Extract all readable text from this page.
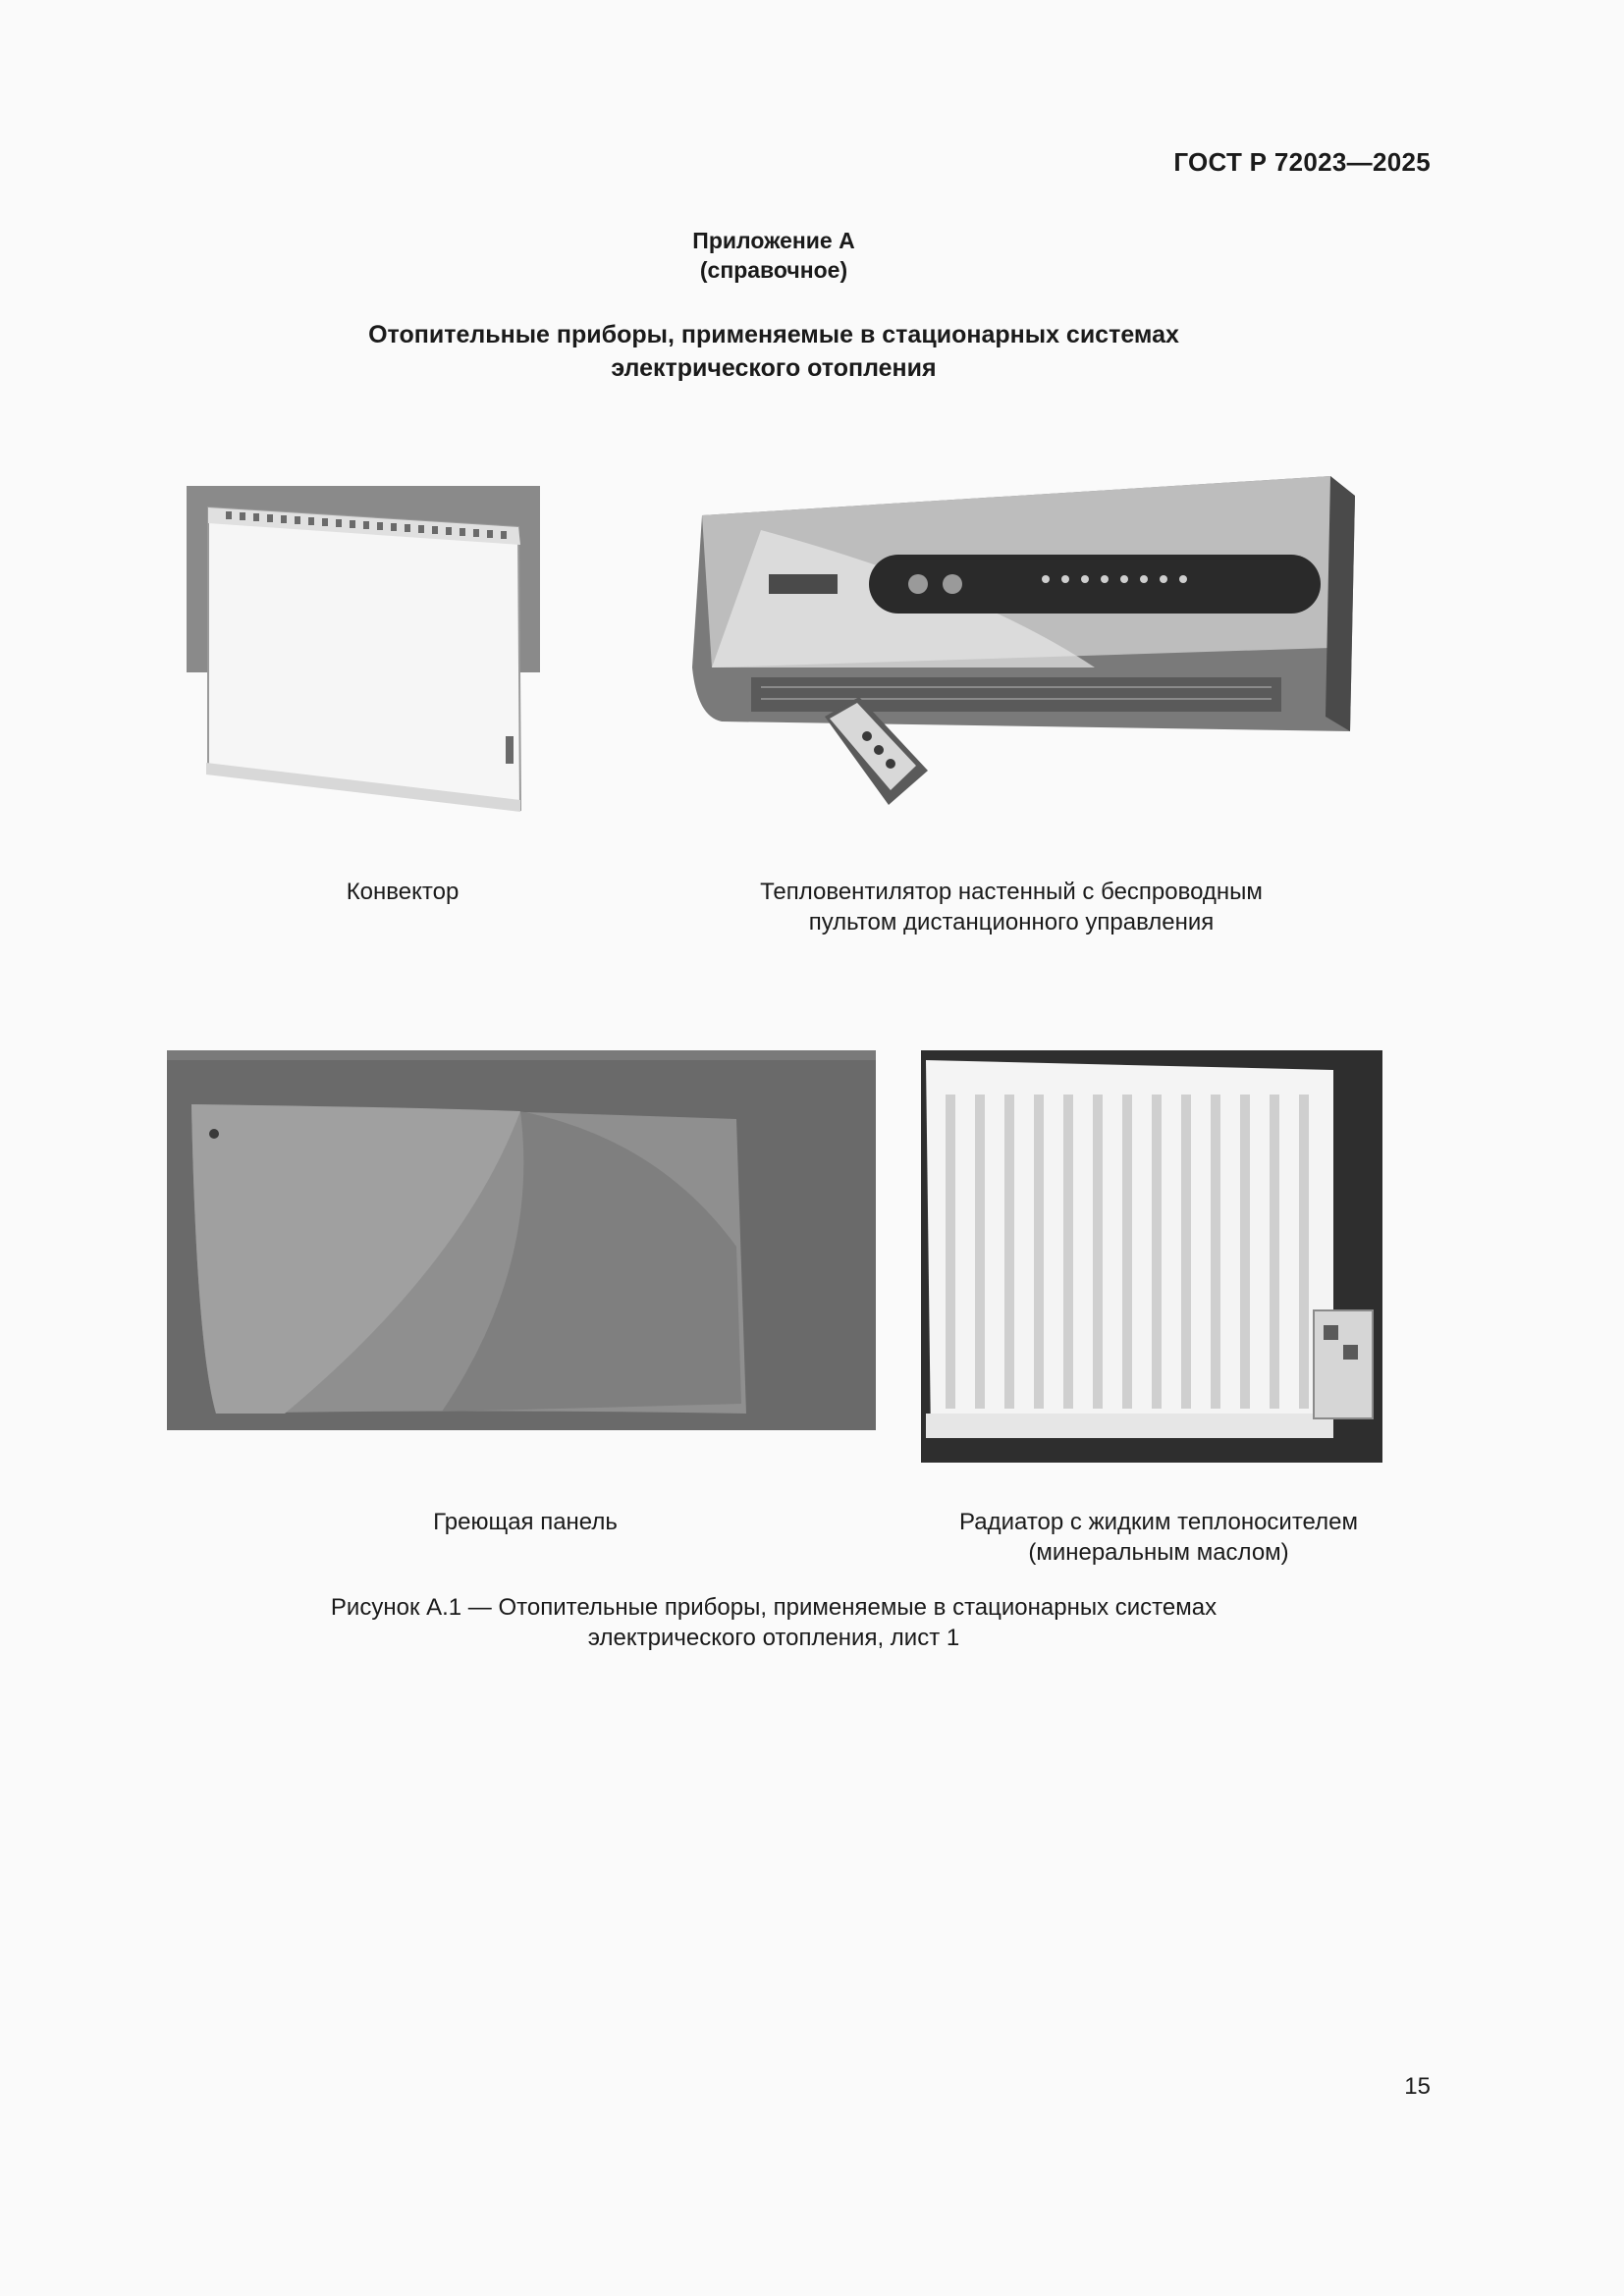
ГОСТ Р 72023—2025
Приложение А
(справочное)
Отопительные приборы, применяемые в стационарных системах
электрического отопления
Конвектор	Тепловентилятор настенный с беспроводным
пультом дистанционного управления
Греющая панель	Радиатор с жидким теплоносителем
(минеральным маслом)
Рисунок А.1 — Отопительные приборы, применяемые в стационарных системах
электрического отопления, лист 1
15
